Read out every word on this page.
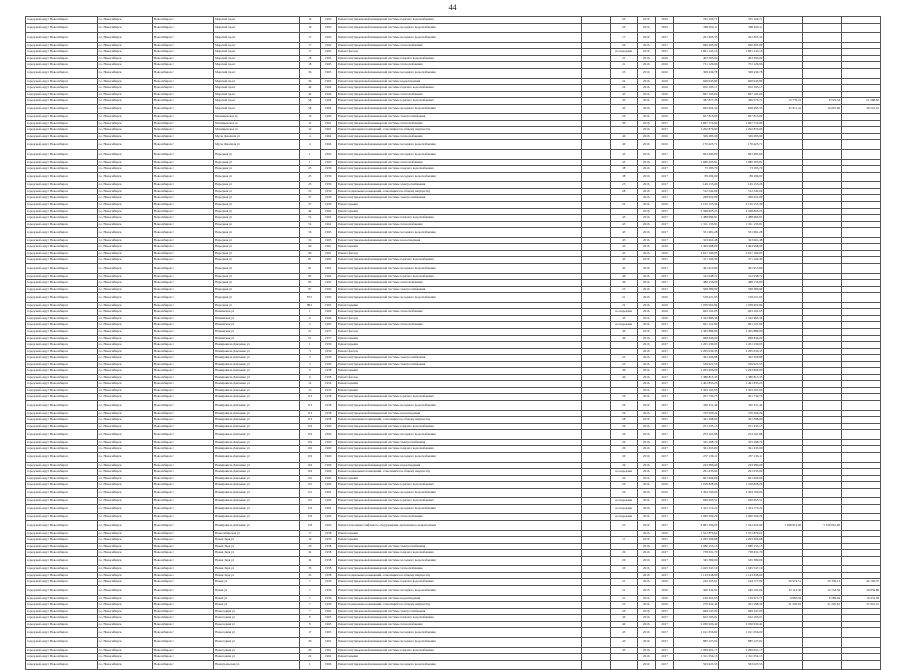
44
городской округ Новосибирск	г.о. Новосибирск	Новосибирск г	Морской пр-кт	16	1963	Ремонт внутридомовой инженерной системы горячего водоснабжения		20	2016	2016	765 160,71	765 160,71			
городской округ Новосибирск	г.о. Новосибирск	Новосибирск г	Морской пр-кт	16	1963	Ремонт внутридомовой инженерной системы холодного водоснабжения		20	2016	2016	308 920,11	308 920,11			
городской округ Новосибирск	г.о. Новосибирск	Новосибирск г	Морской пр-кт	17	1962	Ремонт внутридомовой инженерной системы холодного водоснабжения		17	2016	2017	261 005,33	261 005,33			
городской округ Новосибирск	г.о. Новосибирск	Новосибирск г	Морской пр-кт	17	1962	Ремонт внутридомовой инженерной системы теплоснабжения		20	2016	2017	960 495,00	960 495,00			
городской округ Новосибирск	г.о. Новосибирск	Новосибирск г	Морской пр-кт	17	1962	Ремонт фасада		по переданн	2016	2017	1 861 145,16	1 861 145,16			
городской округ Новосибирск	г.о. Новосибирск	Новосибирск г	Морской пр-кт	18	1963	Ремонт внутридомовой инженерной системы горячего водоснабжения		21	2016	2016	403 393,00	403 393,00			
городской округ Новосибирск	г.о. Новосибирск	Новосибирск г	Морской пр-кт	18	1963	Ремонт внутридомовой инженерной системы теплоснабжения		21	2016	2016	731 129,96	731 129,96			
городской округ Новосибирск	г.о. Новосибирск	Новосибирск г	Морской пр-кт	36	1963	Ремонт внутридомовой инженерной системы холодного водоснабжения		25	2016	2016	308 436,78	308 436,78			
городской округ Новосибирск	г.о. Новосибирск	Новосибирск г	Морской пр-кт	36	1963	Ремонт внутридомовой инженерной системы водоотведения		22	2016	2016	669 945,80	669 945,80			
городской округ Новосибирск	г.о. Новосибирск	Новосибирск г	Морской пр-кт	44	1964	Ремонт внутридомовой инженерной системы горячего водоснабжения		24	2016	2016	952 193,17	952 193,17			
городской округ Новосибирск	г.о. Новосибирск	Новосибирск г	Морской пр-кт	44	1964	Ремонт внутридомовой инженерной системы теплоснабжения		45	2016	2016	867 193,00	867 193,00			
городской округ Новосибирск	г.о. Новосибирск	Новосибирск г	Морской пр-кт	58	1964	Ремонт внутридомовой инженерной системы горячего водоснабжения		45	2016	2016	387 877,33	366 576,71	12 779,31	8 519,54	21 298,62
городской округ Новосибирск	г.о. Новосибирск	Новосибирск г	Морской пр-кт	58	1964	Ремонт внутридомовой инженерной системы холодного водоснабжения		45	2016	2016	665 004,34	628 485,33	21 911,41	14 607,60	36 519,01
городской округ Новосибирск	г.о. Новосибирск	Новосибирск г	Мочищенское ш	10	1960	Ремонт внутридомовой инженерной системы электроснабжения		20	2016	2016	827 813,00	827 813,00			
городской округ Новосибирск	г.о. Новосибирск	Новосибирск г	Мочищенское ш	12	1961	Ремонт внутридомовой инженерной системы теплоснабжения		30	2016	2017	1 897 719,90	1 897 719,90			
городской округ Новосибирск	г.о. Новосибирск	Новосибирск г	Мочищенское ш	12	1961	Ремонт подвальных помещений, относящихся к общему имуществу			2016	2017	1 292 876,00	1 292 876,00			
городской округ Новосибирск	г.о. Новосибирск	Новосибирск г	Мусы Джалиля ул	4	1964	Ремонт внутридомовой инженерной системы теплоснабжения		40	2016	2016	329 283,90	329 283,90			
городской округ Новосибирск	г.о. Новосибирск	Новосибирск г	Мусы Джалиля ул	4	1964	Ремонт внутридомовой инженерной системы холодного водоснабжения		40	2016	2016	170 425,71	170 425,71			
городской округ Новосибирск	г.о. Новосибирск	Новосибирск г	Народная ул	1	1963	Ремонт внутридомовой инженерной системы холодного водоснабжения		45	2016	2017	663 483,60	663 483,60			
городской округ Новосибирск	г.о. Новосибирск	Новосибирск г	Народная ул	1	1963	Ремонт внутридомовой инженерной системы теплоснабжения		45	2016	2017	1 680 205,81	1 680 205,81			
городской округ Новосибирск	г.о. Новосибирск	Новосибирск г	Народная ул	25	1959	Ремонт внутридомовой инженерной системы горячего водоснабжения		38	2016	2017	73 185,79	73 185,79			
городской округ Новосибирск	г.о. Новосибирск	Новосибирск г	Народная ул	25	1959	Ремонт внутридомовой инженерной системы холодного водоснабжения		38	2016	2017	89 299,00	89 299,00			
городской округ Новосибирск	г.о. Новосибирск	Новосибирск г	Народная ул	25	1959	Ремонт внутридомовой инженерной системы электроснабжения		25	2016	2017	149 155,26	149 155,26			
городской округ Новосибирск	г.о. Новосибирск	Новосибирск г	Народная ул	25	1959	Ремонт подвальных помещений, относящихся к общему имуществу		28	2016	2017	512 542,09	512 542,09			
городской округ Новосибирск	г.о. Новосибирск	Новосибирск г	Народная ул	27	1959	Ремонт внутридомовой инженерной системы электроснабжения			2016	2017	208 652,00	208 652,00			
городской округ Новосибирск	г.о. Новосибирск	Новосибирск г	Народная ул	37	1959	Ремонт крыши		22	2016	2016	2 145 153,39	2 145 153,39			
городской округ Новосибирск	г.о. Новосибирск	Новосибирск г	Народная ул	44	1962	Ремонт крыши			2016	2017	2 598 805,25	2 598 805,25			
городской округ Новосибирск	г.о. Новосибирск	Новосибирск г	Народная ул	52	1962	Ремонт внутридомовой инженерной системы горячего водоснабжения		45	2016	2017	1 488 984,81	1 488 984,81			
городской округ Новосибирск	г.о. Новосибирск	Новосибирск г	Народная ул	52	1962	Ремонт внутридомовой инженерной системы теплоснабжения		45	2016	2017	1 311 133,81	1 311 133,81			
городской округ Новосибирск	г.о. Новосибирск	Новосибирск г	Народная ул	56	1963	Ремонт внутридомовой инженерной системы холодного водоснабжения		43	2016	2017	351 981,28	351 981,28			
городской округ Новосибирск	г.о. Новосибирск	Новосибирск г	Народная ул	56	1963	Ремонт внутридомовой инженерной системы водоотведения		43	2016	2017	323 661,48	323 661,48			
городской округ Новосибирск	г.о. Новосибирск	Новосибирск г	Народная ул	69	1961	Ремонт крыши		45	2016	2016	1 494 998,90	1 494 998,90			
городской округ Новосибирск	г.о. Новосибирск	Новосибирск г	Народная ул	69	1961	Ремонт фасада		45	2016	2016	2 817 190,03	2 817 190,03			
городской округ Новосибирск	г.о. Новосибирск	Новосибирск г	Народная ул	81	1962	Ремонт внутридомовой инженерной системы горячего водоснабжения		43	2016	2017	371 160,39	371 160,39			
городской округ Новосибирск	г.о. Новосибирск	Новосибирск г	Народная ул	81	1962	Ремонт внутридомовой инженерной системы холодного водоснабжения		43	2016	2017	461 913,80	461 913,80			
городской округ Новосибирск	г.о. Новосибирск	Новосибирск г	Народная ул	83	1962	Ремонт внутридомовой инженерной системы горячего водоснабжения		40	2016	2017	312 948,72	312 948,72			
городской округ Новосибирск	г.о. Новосибирск	Новосибирск г	Народная ул	83	1962	Ремонт внутридомовой инженерной системы теплоснабжения		40	2016	2017	488 156,00	488 156,00			
городской округ Новосибирск	г.о. Новосибирск	Новосибирск г	Народная ул	87	1963	Ремонт внутридомовой инженерной системы электроснабжения		25	2016	2017	568 389,99	568 389,99			
городской округ Новосибирск	г.о. Новосибирск	Новосибирск г	Народная ул	87/1	1963	Ремонт внутридомовой инженерной системы холодного водоснабжения		21	2016	2016	518 221,05	518 221,05			
городской округ Новосибирск	г.о. Новосибирск	Новосибирск г	Народная ул	89/1	1963	Ремонт крыши		21	2016	2016	1 039 902,84	1 039 902,84			
городской округ Новосибирск	г.о. Новосибирск	Новосибирск г	Нежинская ул	1	1960	Ремонт внутридомовой инженерной системы теплоснабжения		по переданн	2016	2016	693 191,05	693 191,05			
городской округ Новосибирск	г.о. Новосибирск	Новосибирск г	Нежинская ул	6	1964	Ремонт фасада		45	2016	2016	1 322 983,36	1 322 983,36			
городской округ Новосибирск	г.о. Новосибирск	Новосибирск г	Нежинская ул	2	1963	Ремонт внутридомовой инженерной системы теплоснабжения		по переданн	2016	2017	601 121,99	601 121,99			
городской округ Новосибирск	г.о. Новосибирск	Новосибирск г	Нежинская ул	21	1957	Ремонт фасада		40	2016	2017	1 305 889,00	1 305 889,00			
городской округ Новосибирск	г.о. Новосибирск	Новосибирск г	Нежинская ул	21	1957	Ремонт крыши		40	2016	2017	968 846,00	968 846,00			
городской округ Новосибирск	г.о. Новосибирск	Новосибирск г	Немировича-Данченко ул	1	1950	Ремонт крыши			2016	2017	1 201 230,03	1 201 230,03			
городской округ Новосибирск	г.о. Новосибирск	Новосибирск г	Немировича-Данченко ул	3	1959	Ремонт фасада			2016	2017	2 295 039,33	2 295 039,33			
городской округ Новосибирск	г.о. Новосибирск	Новосибирск г	Немировича-Данченко ул	3	1959	Ремонт внутридомовой инженерной системы электроснабжения		25	2016	2017	302 206,88	302 206,88			
городской округ Новосибирск	г.о. Новосибирск	Новосибирск г	Немировича-Данченко ул	5	1960	Ремонт внутридомовой инженерной системы электроснабжения		25	2016	2017	539 621,53	539 621,53			
городской округ Новосибирск	г.о. Новосибирск	Новосибирск г	Немировича-Данченко ул	6	1958	Ремонт крыши		40	2016	2017	1 293 606,00	1 293 606,00			
городской округ Новосибирск	г.о. Новосибирск	Новосибирск г	Немировича-Данченко ул	6	1958	Ремонт фасада		40	2016	2017	1 386 815,35	1 386 815,35			
городской округ Новосибирск	г.о. Новосибирск	Новосибирск г	Немировича-Данченко ул	12	1954	Ремонт крыши			2016	2017	1 401 833,25	1 401 833,25			
городской округ Новосибирск	г.о. Новосибирск	Новосибирск г	Немировича-Данченко ул	13	1953	Ремонт крыши			2016	2017	1 393 163,95	1 393 163,95			
городской округ Новосибирск	г.о. Новосибирск	Новосибирск г	Немировича-Данченко ул	113	1958	Ремонт внутридомовой инженерной системы горячего водоснабжения		50	2016	2017	201 739,75	201 739,75			
городской округ Новосибирск	г.о. Новосибирск	Новосибирск г	Немировича-Данченко ул	113	1958	Ремонт внутридомовой инженерной системы холодного водоснабжения		50	2016	2017	302 611,44	302 611,44			
городской округ Новосибирск	г.о. Новосибирск	Новосибирск г	Немировича-Данченко ул	113	1958	Ремонт внутридомовой инженерной системы водоотведения		50	2016	2017	370 500,24	370 500,24			
городской округ Новосибирск	г.о. Новосибирск	Новосибирск г	Немировича-Данченко ул	113	1958	Ремонт подвальных помещений, относящихся к общему имуществу		28	2016	2017	361 398,00	361 398,00			
городской округ Новосибирск	г.о. Новосибирск	Новосибирск г	Немировича-Данченко ул	119	1960	Ремонт внутридомовой инженерной системы горячего водоснабжения		20	2016	2017	251 235,13	251 235,13			
городской округ Новосибирск	г.о. Новосибирск	Новосибирск г	Немировича-Данченко ул	119	1960	Ремонт внутридомовой инженерной системы холодного водоснабжения		20	2016	2017	254 161,88	254 161,88			
городской округ Новосибирск	г.о. Новосибирск	Новосибирск г	Немировича-Данченко ул	119	1960	Ремонт внутридомовой инженерной системы электроснабжения		20	2016	2017	325 298,70	325 298,70			
городской округ Новосибирск	г.о. Новосибирск	Новосибирск г	Немировича-Данченко ул	119	1960	Ремонт внутридомовой инженерной системы горячего водоснабжения		20	2016	2017	361 433,00	361 433,00			
городской округ Новосибирск	г.о. Новосибирск	Новосибирск г	Немировича-Данченко ул	119	1960	Ремонт внутридомовой инженерной системы холодного водоснабжения		20	2016	2017	257 136,11	257 136,11			
городской округ Новосибирск	г.о. Новосибирск	Новосибирск г	Немировича-Данченко ул	119	1960	Ремонт внутридомовой инженерной системы водоотведения		20	2016	2017	243 686,00	243 686,00			
городской округ Новосибирск	г.о. Новосибирск	Новосибирск г	Немировича-Данченко ул	119	1960	Ремонт подвальных помещений, относящихся к общему имуществу		по переданн	2016	2017	291 035,00	291 035,00			
городской округ Новосибирск	г.о. Новосибирск	Новосибирск г	Немировича-Данченко ул	121	1962	Ремонт крыши		20	2016	2017	601 009,00	601 009,00			
городской округ Новосибирск	г.о. Новосибирск	Новосибирск г	Немировича-Данченко ул	121	1962	Ремонт внутридомовой инженерной системы горячего водоснабжения		20	2016	2016	1 018 828,26	1 018 828,26			
городской округ Новосибирск	г.о. Новосибирск	Новосибирск г	Немировича-Данченко ул	121	1962	Ремонт внутридомовой инженерной системы холодного водоснабжения		20	2016	2016	2 304 790,66	2 304 790,66			
городской округ Новосибирск	г.о. Новосибирск	Новосибирск г	Немировича-Данченко ул	121	1962	Ремонт внутридомовой инженерной системы горячего водоснабжения		по переданн	2016	2017	940 065,51	940 065,51			
городской округ Новосибирск	г.о. Новосибирск	Новосибирск г	Немировича-Данченко ул	133	1962	Ремонт внутридомовой инженерной системы холодного водоснабжения		по переданн	2016	2017	1 323 172,22	1 323 172,22			
городской округ Новосибирск	г.о. Новосибирск	Новосибирск г	Немировича-Данченко ул	133	1962	Ремонт внутридомовой инженерной системы теплоснабжения		по переданн	2016	2017	2 096 569,29	2 096 569,29			
городской округ Новосибирск	г.о. Новосибирск	Новосибирск г	Немировича-Данченко ул	133	1962	Ремонт или замена лифтового оборудования, признанного непригодным		25	2016	2017	6 881 299,00	1 341 632,00	1 028 814,00	5 550 091,00	
городской округ Новосибирск	г.о. Новосибирск	Новосибирск г	Новосибирская ул	17	1958	Ремонт крыши			2016	2016	1 551 870,61	1 551 870,61			
городской округ Новосибирск	г.о. Новосибирск	Новосибирск г	Новая Заря ул	19	1955	Ремонт крыши		17	2016	2017	1 293 306,08	1 293 306,08			
городской округ Новосибирск	г.о. Новосибирск	Новосибирск г	Новая Заря ул	20	1958	Ремонт внутридомовой инженерной системы электроснабжения			2016	2017	1 080 153,15	1 080 153,15			
городской округ Новосибирск	г.о. Новосибирск	Новосибирск г	Новая Заря ул	34	1958	Ремонт внутридомовой инженерной системы горячего водоснабжения		20	2016	2017	738 631,70	738 631,70			
городской округ Новосибирск	г.о. Новосибирск	Новосибирск г	Новая Заря ул	34	1958	Ремонт внутридомовой инженерной системы холодного водоснабжения		20	2016	2017	345 380,00	345 380,00			
городской округ Новосибирск	г.о. Новосибирск	Новосибирск г	Новая Заря ул	35	1958	Ремонт внутридомовой инженерной системы теплоснабжения		20	2016	2017	1 045 547,10	1 045 547,10			
городской округ Новосибирск	г.о. Новосибирск	Новосибирск г	Новая Заря ул	35	1958	Ремонт подвальных помещений, относящихся к общему имуществу			2016	2017	1 143 638,00	1 143 638,00			
городской округ Новосибирск	г.о. Новосибирск	Новосибирск г	Новая ул	7	1959	Ремонт внутридомовой инженерной системы горячего водоснабжения		21	2016	2016	244 165,61	244 177,99	29 974,51	20 339,13	44 126,37
городской округ Новосибирск	г.о. Новосибирск	Новосибирск г	Новая ул	7	1959	Ремонт внутридомовой инженерной системы холодного водоснабжения		21	2016	2016	300 432,92	249 103,04	22 116,30	14 743,56	36 859,86
городской округ Новосибирск	г.о. Новосибирск	Новосибирск г	Новая ул	7	1959	Ремонт внутридомовой инженерной системы водоотведения		21	2016	2016	166 361,65	150 975,77	9 883,59	6 589,04	16 474,39
городской округ Новосибирск	г.о. Новосибирск	Новосибирск г	Новая ул	7	1959	Ремонт подвальных помещений, относящихся к общему имуществу		25	2016	2016	270 632,40	261 188,30	21 205,81	21 205,81	31 941,10
городской округ Новосибирск	г.о. Новосибирск	Новосибирск г	Новогодняя ул	7	1962	Ремонт внутридомовой инженерной системы электроснабжения		20	2016	2017	969 547,00	969 547,00			
городской округ Новосибирск	г.о. Новосибирск	Новосибирск г	Новогодняя ул	8	1963	Ремонт внутридомовой инженерной системы горячего водоснабжения		46	2016	2017	622 195,01	622 195,01			
городской округ Новосибирск	г.о. Новосибирск	Новосибирск г	Новогодняя ул	8	1963	Ремонт внутридомовой инженерной системы теплоснабжения		46	2016	2017	2 030 630,42	2 030 630,42			
городской округ Новосибирск	г.о. Новосибирск	Новосибирск г	Новогодняя ул	17	1963	Ремонт внутридомовой инженерной системы холодного водоснабжения		45	2016	2017	1 611 056,00	1 611 056,00			
городской округ Новосибирск	г.о. Новосибирск	Новосибирск г	Новогодняя ул	20	1961	Ремонт внутридомовой инженерной системы холодного водоснабжения		45	2016	2017	885 127,62	885 127,62			
городской округ Новосибирск	г.о. Новосибирск	Новосибирск г	Новогодняя ул	20	1961	Ремонт внутридомовой инженерной системы горячего водоснабжения		45	2016	2017	1 099 601,17	1 099 601,17			
городской округ Новосибирск	г.о. Новосибирск	Новосибирск г	Новогодняя ул	22	1962	Ремонт крыши			2016	2017	1 311 054,13	1 311 054,13			
городской округ Новосибирск	г.о. Новосибирск	Новосибирск г	Новоуральская ул	1	1960	Ремонт внутридомовой инженерной системы холодного водоснабжения			2016	2017	593 023,53	593 023,53			
